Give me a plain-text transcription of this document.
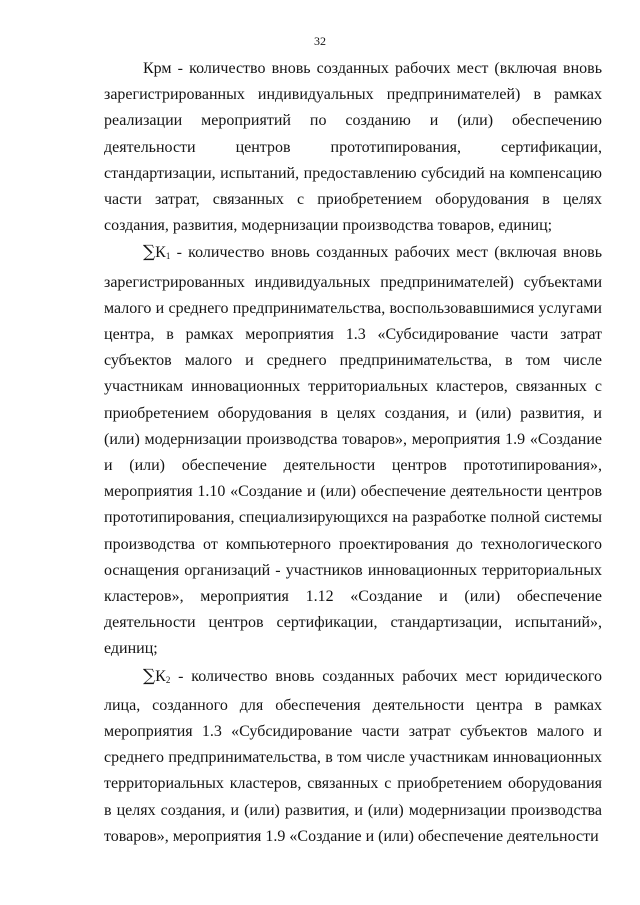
32

Крм - количество вновь созданных рабочих мест (включая вновь зарегистрированных индивидуальных предпринимателей) в рамках реализации мероприятий по созданию и (или) обеспечению деятельности центров прототипирования, сертификации, стандартизации, испытаний, предоставлению субсидий на компенсацию части затрат, связанных с приобретением оборудования в целях создания, развития, модернизации производства товаров, единиц;

$\sum К_1$ - количество вновь созданных рабочих мест (включая вновь зарегистрированных индивидуальных предпринимателей) субъектами малого и среднего предпринимательства, воспользовавшимися услугами центра, в рамках мероприятия 1.3 «Субсидирование части затрат субъектов малого и среднего предпринимательства, в том числе участникам инновационных территориальных кластеров, связанных с приобретением оборудования в целях создания, и (или) развития, и (или) модернизации производства товаров», мероприятия 1.9 «Создание и (или) обеспечение деятельности центров прототипирования», мероприятия 1.10 «Создание и (или) обеспечение деятельности центров прототипирования, специализирующихся на разработке полной системы производства от компьютерного проектирования до технологического оснащения организаций - участников инновационных территориальных кластеров», мероприятия 1.12 «Создание и (или) обеспечение деятельности центров сертификации, стандартизации, испытаний», единиц;

$\sum К_2$ - количество вновь созданных рабочих мест юридического лица, созданного для обеспечения деятельности центра в рамках мероприятия 1.3 «Субсидирование части затрат субъектов малого и среднего предпринимательства, в том числе участникам инновационных территориальных кластеров, связанных с приобретением оборудования в целях создания, и (или) развития, и (или) модернизации производства товаров», мероприятия 1.9 «Создание и (или) обеспечение деятельности
